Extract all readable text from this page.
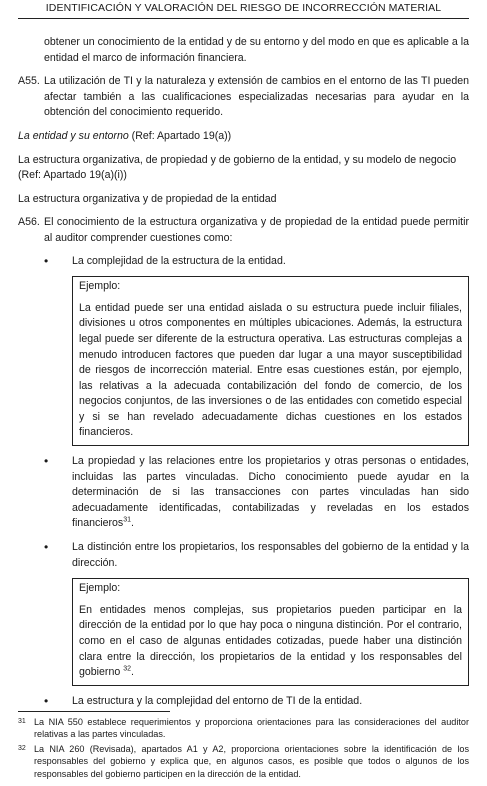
IDENTIFICACIÓN Y VALORACIÓN DEL RIESGO DE INCORRECCIÓN MATERIAL

obtener un conocimiento de la entidad y de su entorno y del modo en que es aplicable a la entidad el marco de información financiera.

A55. La utilización de TI y la naturaleza y extensión de cambios en el entorno de las TI pueden afectar también a las cualificaciones especializadas necesarias para ayudar en la obtención del conocimiento requerido.

La entidad y su entorno (Ref: Apartado 19(a))

La estructura organizativa, de propiedad y de gobierno de la entidad, y su modelo de negocio (Ref: Apartado 19(a)(i))

La estructura organizativa y de propiedad de la entidad

A56. El conocimiento de la estructura organizativa y de propiedad de la entidad puede permitir al auditor comprender cuestiones como:
•	La complejidad de la estructura de la entidad.
Ejemplo:
La entidad puede ser una entidad aislada o su estructura puede incluir filiales, divisiones u otros componentes en múltiples ubicaciones. Además, la estructura legal puede ser diferente de la estructura operativa. Las estructuras complejas a menudo introducen factores que pueden dar lugar a una mayor susceptibilidad de riesgos de incorrección material. Entre esas cuestiones están, por ejemplo, las relativas a la adecuada contabilización del fondo de comercio, de los negocios conjuntos, de las inversiones o de las entidades con cometido especial y si se han revelado adecuadamente dichas cuestiones en los estados financieros.
•	La propiedad y las relaciones entre los propietarios y otras personas o entidades, incluidas las partes vinculadas. Dicho conocimiento puede ayudar en la determinación de si las transacciones con partes vinculadas han sido adecuadamente identificadas, contabilizadas y reveladas en los estados financieros$^{31}$.
•	La distinción entre los propietarios, los responsables del gobierno de la entidad y la dirección.
Ejemplo:
En entidades menos complejas, sus propietarios pueden participar en la dirección de la entidad por lo que hay poca o ninguna distinción. Por el contrario, como en el caso de algunas entidades cotizadas, puede haber una distinción clara entre la dirección, los propietarios de la entidad y los responsables del gobierno $^{32}$.
•	La estructura y la complejidad del entorno de TI de la entidad.
31 La NIA 550 establece requerimientos y proporciona orientaciones para las consideraciones del auditor relativas a las partes vinculadas.
32 La NIA 260 (Revisada), apartados A1 y A2, proporciona orientaciones sobre la identificación de los responsables del gobierno y explica que, en algunos casos, es posible que todos o algunos de los responsables del gobierno participen en la dirección de la entidad.
